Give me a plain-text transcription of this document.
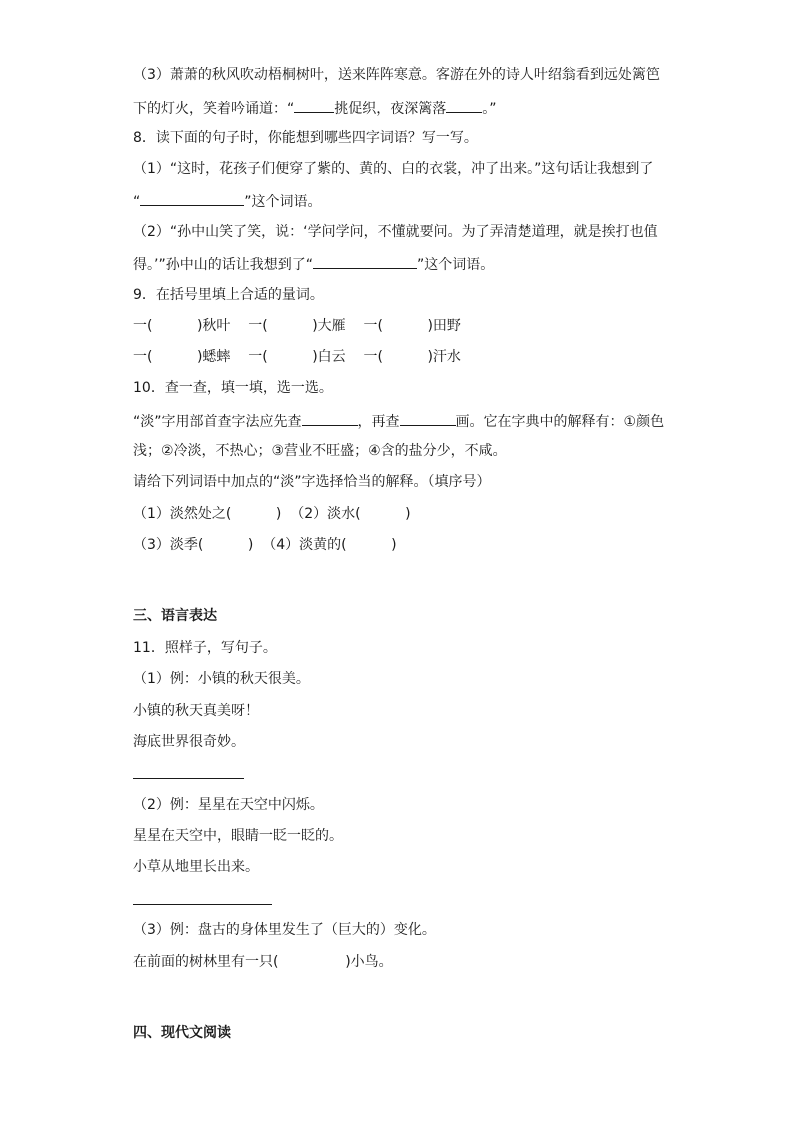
（3）萧萧的秋风吹动梧桐树叶，送来阵阵寒意。客游在外的诗人叶绍翁看到远处篱笆
下的灯火，笑着吟诵道：“	挑促织，夜深篱落	。”
8．读下面的句子时，你能想到哪些四字词语？写一写。
（1）“这时，花孩子们便穿了紫的、黄的、白的衣裳，冲了出来。”这句话让我想到了
“	”这个词语。
（2）“孙中山笑了笑，说：‘学问学问，不懂就要问。为了弄清楚道理，就是挨打也值
得。’”孙中山的话让我想到了“	”这个词语。
9．在括号里填上合适的量词。
一(          )秋叶 一(          )大雁 一(          )田野
一(          )蟋蟀 一(          )白云 一(          )汗水
10．查一查，填一填，选一选。
“淡”字用部首查字法应先查	，再查	画。它在字典中的解释有：①颜色
浅；②冷淡，不热心；③营业不旺盛；④含的盐分少，不咸。
请给下列词语中加点的“淡”字选择恰当的解释。（填序号）
（1）淡然处之(          ) （2）淡水(          )
（3）淡季(          ) （4）淡黄的(          )
三、语言表达
11．照样子，写句子。
（1）例：小镇的秋天很美。
小镇的秋天真美呀！
海底世界很奇妙。
（2）例：星星在天空中闪烁。
星星在天空中，眼睛一眨一眨的。
小草从地里长出来。
（3）例：盘古的身体里发生了（巨大的）变化。
在前面的树林里有一只(               )小鸟。
四、现代文阅读
